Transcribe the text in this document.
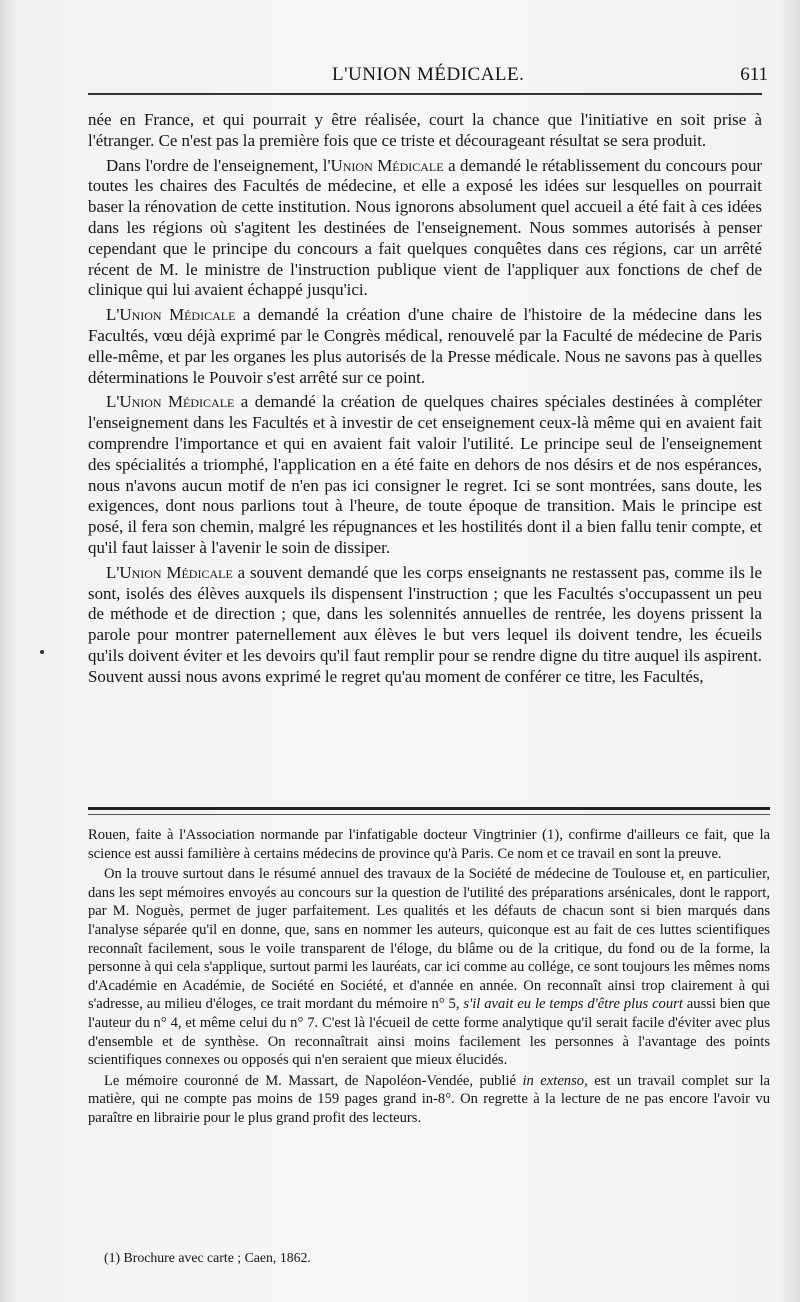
L'UNION MÉDICALE.	611

née en France, et qui pourrait y être réalisée, court la chance que l'initiative en soit prise à l'étranger. Ce n'est pas la première fois que ce triste et décourageant résultat se sera produit.

Dans l'ordre de l'enseignement, l'Union Médicale a demandé le rétablissement du concours pour toutes les chaires des Facultés de médecine, et elle a exposé les idées sur lesquelles on pourrait baser la rénovation de cette institution. Nous ignorons absolument quel accueil a été fait à ces idées dans les régions où s'agitent les destinées de l'enseignement. Nous sommes autorisés à penser cependant que le principe du concours a fait quelques conquêtes dans ces régions, car un arrêté récent de M. le ministre de l'instruction publique vient de l'appliquer aux fonctions de chef de clinique qui lui avaient échappé jusqu'ici.

L'Union Médicale a demandé la création d'une chaire de l'histoire de la médecine dans les Facultés, vœu déjà exprimé par le Congrès médical, renouvelé par la Faculté de médecine de Paris elle-même, et par les organes les plus autorisés de la Presse médicale. Nous ne savons pas à quelles déterminations le Pouvoir s'est arrêté sur ce point.

L'Union Médicale a demandé la création de quelques chaires spéciales destinées à compléter l'enseignement dans les Facultés et à investir de cet enseignement ceux-là même qui en avaient fait comprendre l'importance et qui en avaient fait valoir l'utilité. Le principe seul de l'enseignement des spécialités a triomphé, l'application en a été faite en dehors de nos désirs et de nos espérances, nous n'avons aucun motif de n'en pas ici consigner le regret. Ici se sont montrées, sans doute, les exigences, dont nous parlions tout à l'heure, de toute époque de transition. Mais le principe est posé, il fera son chemin, malgré les répugnances et les hostilités dont il a bien fallu tenir compte, et qu'il faut laisser à l'avenir le soin de dissiper.

L'Union Médicale a souvent demandé que les corps enseignants ne restassent pas, comme ils le sont, isolés des élèves auxquels ils dispensent l'instruction ; que les Facultés s'occupassent un peu de méthode et de direction ; que, dans les solennités annuelles de rentrée, les doyens prissent la parole pour montrer paternellement aux élèves le but vers lequel ils doivent tendre, les écueils qu'ils doivent éviter et les devoirs qu'il faut remplir pour se rendre digne du titre auquel ils aspirent. Souvent aussi nous avons exprimé le regret qu'au moment de conférer ce titre, les Facultés,

Rouen, faite à l'Association normande par l'infatigable docteur Vingtrinier (1), confirme d'ailleurs ce fait, que la science est aussi familière à certains médecins de province qu'à Paris. Ce nom et ce travail en sont la preuve.

On la trouve surtout dans le résumé annuel des travaux de la Société de médecine de Toulouse et, en particulier, dans les sept mémoires envoyés au concours sur la question de l'utilité des préparations arsénicales, dont le rapport, par M. Noguès, permet de juger parfaitement. Les qualités et les défauts de chacun sont si bien marqués dans l'analyse séparée qu'il en donne, que, sans en nommer les auteurs, quiconque est au fait de ces luttes scientifiques reconnaît facilement, sous le voile transparent de l'éloge, du blâme ou de la critique, du fond ou de la forme, la personne à qui cela s'applique, surtout parmi les lauréats, car ici comme au collége, ce sont toujours les mêmes noms d'Académie en Académie, de Société en Société, et d'année en année. On reconnaît ainsi trop clairement à qui s'adresse, au milieu d'éloges, ce trait mordant du mémoire n° 5, s'il avait eu le temps d'être plus court aussi bien que l'auteur du n° 4, et même celui du n° 7. C'est là l'écueil de cette forme analytique qu'il serait facile d'éviter avec plus d'ensemble et de synthèse. On reconnaîtrait ainsi moins facilement les personnes à l'avantage des points scientifiques connexes ou opposés qui n'en seraient que mieux élucidés.

Le mémoire couronné de M. Massart, de Napoléon-Vendée, publié in extenso, est un travail complet sur la matière, qui ne compte pas moins de 159 pages grand in-8°. On regrette à la lecture de ne pas encore l'avoir vu paraître en librairie pour le plus grand profit des lecteurs.

(1) Brochure avec carte ; Caen, 1862.
